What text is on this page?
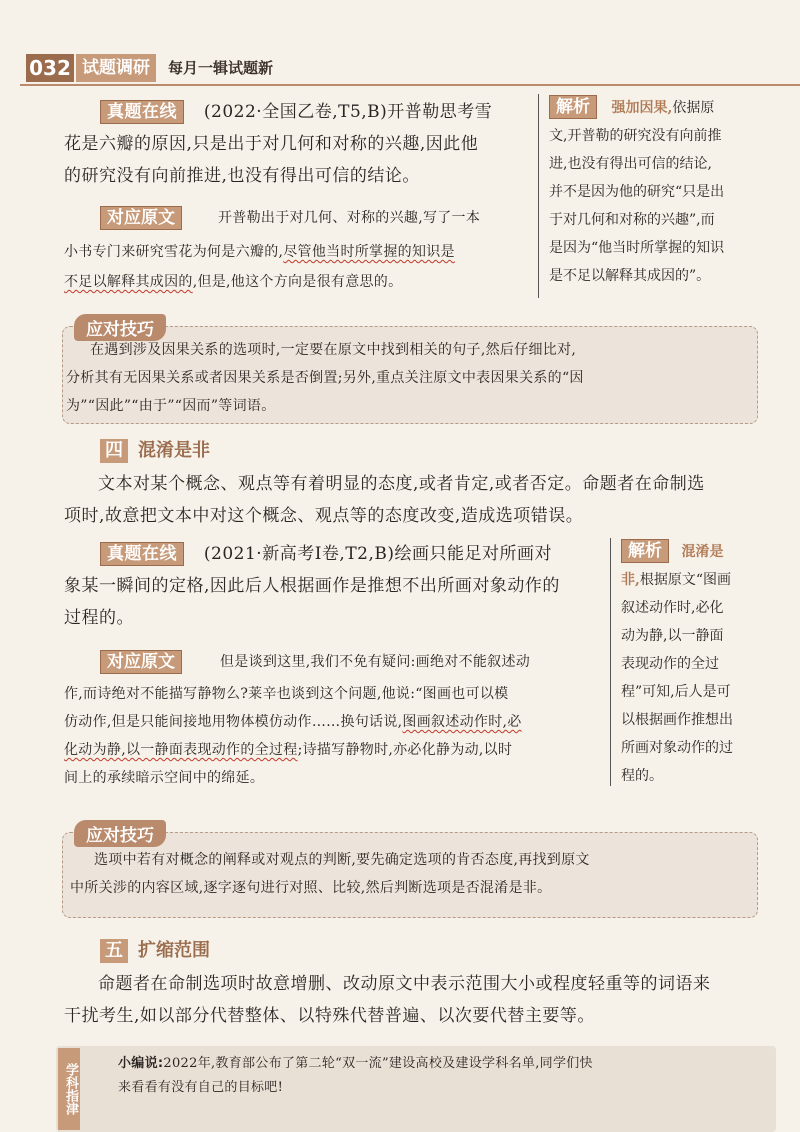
032 试题调研	每月一辑试题新
真题在线 (2022·全国乙卷,T5,B)开普勒思考雪
花是六瓣的原因,只是出于对几何和对称的兴趣,因此他
的研究没有向前推进,也没有得出可信的结论。
对应原文	开普勒出于对几何、对称的兴趣,写了一本
小书专门来研究雪花为何是六瓣的,尽管他当时所掌握的知识是
不足以解释其成因的,但是,他这个方向是很有意思的。
解析 强加因果,依据原
文,开普勒的研究没有向前推
进,也没有得出可信的结论,
并不是因为他的研究“只是出
于对几何和对称的兴趣”,而
是因为“他当时所掌握的知识
是不足以解释其成因的”。
应对技巧
在遇到涉及因果关系的选项时,一定要在原文中找到相关的句子,然后仔细比对,
分析其有无因果关系或者因果关系是否倒置;另外,重点关注原文中表因果关系的“因
为”“因此”“由于”“因而”等词语。
四 混淆是非
文本对某个概念、观点等有着明显的态度,或者肯定,或者否定。命题者在命制选
项时,故意把文本中对这个概念、观点等的态度改变,造成选项错误。
真题在线 (2021·新高考Ⅰ卷,T2,B)绘画只能足对所画对
象某一瞬间的定格,因此后人根据画作是推想不出所画对象动作的
过程的。
对应原文	但是谈到这里,我们不免有疑问:画绝对不能叙述动
作,而诗绝对不能描写静物么?莱辛也谈到这个问题,他说:“图画也可以模
仿动作,但是只能间接地用物体模仿动作……换句话说,图画叙述动作时,必
化动为静,以一静面表现动作的全过程;诗描写静物时,亦必化静为动,以时
间上的承续暗示空间中的绵延。
解析 混淆是
非,根据原文“图画
叙述动作时,必化
动为静,以一静面
表现动作的全过
程”可知,后人是可
以根据画作推想出
所画对象动作的过
程的。
应对技巧
选项中若有对概念的阐释或对观点的判断,要先确定选项的肯否态度,再找到原文
中所关涉的内容区域,逐字逐句进行对照、比较,然后判断选项是否混淆是非。
五 扩缩范围
命题者在命制选项时故意增删、改动原文中表示范围大小或程度轻重等的词语来
干扰考生,如以部分代替整体、以特殊代替普遍、以次要代替主要等。
学科指津	小编说:2022年,教育部公布了第二轮“双一流”建设高校及建设学科名单,同学们快
来看看有没有自己的目标吧!
